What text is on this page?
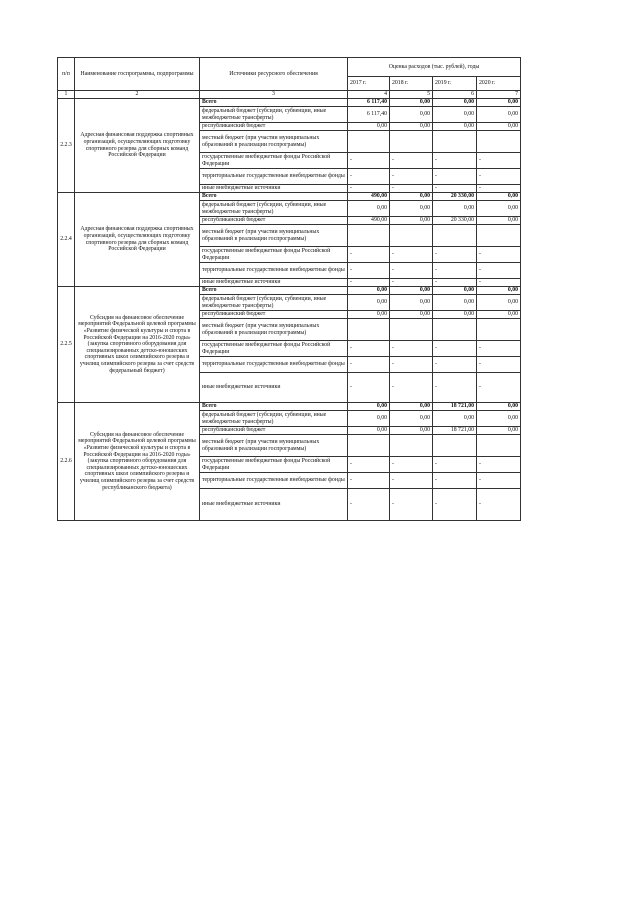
п/п	Наименование госпрограммы, подпрограммы	Источники ресурсного обеспечения	Оценка расходов (тыс. рублей), годы			
			2017 г.	2018 г.	2019 г.	2020 г.
1	2	3	4	5	6	7
2.2.3	Адресная финансовая поддержка спортивных организаций, осуществляющих подготовку спортивного резерва для сборных команд Российской Федерации	Всего	6 117,40	0,00	0,00	0,00
		федеральный бюджет (субсидии, субвенции, иные межбюджетные трансферты)	6 117,40	0,00	0,00	0,00
		республиканский бюджет	0,00	0,00	0,00	0,00
		местный бюджет (при участии муниципальных образований в реализации госпрограммы)				
		государственные внебюджетные фонды Российской Федерации	-	-	-	-
		территориальные государственные внебюджетные фонды	-	-	-	-
		иные внебюджетные источники	-	-	-	-
2.2.4	Адресная финансовая поддержка спортивных организаций, осуществляющих подготовку спортивного резерва для сборных команд Российской Федерации	Всего	490,00	0,00	20 330,00	0,00
		федеральный бюджет (субсидии, субвенции, иные межбюджетные трансферты)	0,00	0,00	0,00	0,00
		республиканский бюджет	490,00	0,00	20 330,00	0,00
		местный бюджет (при участии муниципальных образований в реализации госпрограммы)				
		государственные внебюджетные фонды Российской Федерации	-	-	-	-
		территориальные государственные внебюджетные фонды	-	-	-	-
		иные внебюджетные источники	-	-	-	-
2.2.5	Субсидия на финансовое обеспечение мероприятий Федеральной целевой программы «Развитие физической культуры и спорта в Российской Федерации на 2016-2020 годы» (закупка спортивного оборудования для специализированных детско-юношеских спортивных школ олимпийского резерва и училищ олимпийского резерва за счет средств федеральный бюджет)	Всего	0,00	0,00	0,00	0,00
		федеральный бюджет (субсидии, субвенции, иные межбюджетные трансферты)	0,00	0,00	0,00	0,00
		республиканский бюджет	0,00	0,00	0,00	0,00
		местный бюджет (при участии муниципальных образований в реализации госпрограммы)				
		государственные внебюджетные фонды Российской Федерации	-	-	-	-
		территориальные государственные внебюджетные фонды	-	-	-	-
		иные внебюджетные источники	-	-	-	-
2.2.6	Субсидия на финансовое обеспечение мероприятий Федеральной целевой программы «Развитие физической культуры и спорта в Российской Федерации на 2016-2020 годы» (закупка спортивного оборудования для специализированных детско-юношеских спортивных школ олимпийского резерва и училищ олимпийского резерва за счет средств республиканского бюджета)	Всего	0,00	0,00	18 721,00	0,00
		федеральный бюджет (субсидии, субвенции, иные межбюджетные трансферты)	0,00	0,00	0,00	0,00
		республиканский бюджет	0,00	0,00	18 721,00	0,00
		местный бюджет (при участии муниципальных образований в реализации госпрограммы)				
		государственные внебюджетные фонды Российской Федерации	-	-	-	-
		территориальные государственные внебюджетные фонды	-	-	-	-
		иные внебюджетные источники	-	-	-	-
